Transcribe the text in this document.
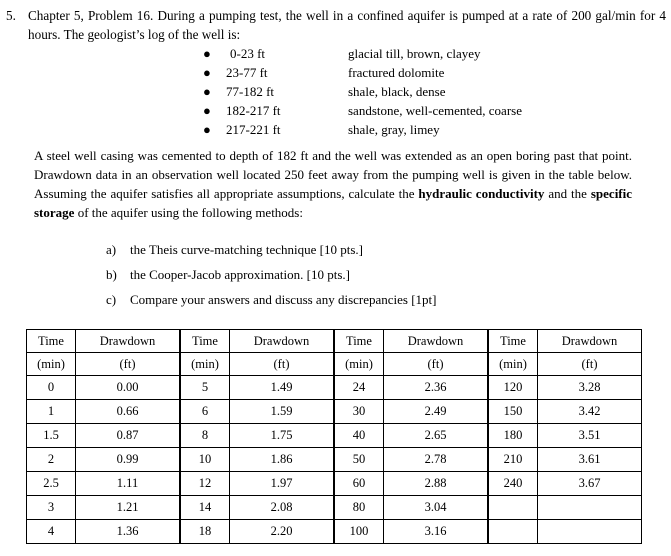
5. Chapter 5, Problem 16. During a pumping test, the well in a confined aquifer is pumped at a rate of 200 gal/min for 4 hours. The geologist’s log of the well is:
● 0-23 ft	glacial till, brown, clayey
● 23-77 ft	fractured dolomite
● 77-182 ft	shale, black, dense
● 182-217 ft	sandstone, well-cemented, coarse
● 217-221 ft	shale, gray, limey
A steel well casing was cemented to depth of 182 ft and the well was extended as an open boring past that point. Drawdown data in an observation well located 250 feet away from the pumping well is given in the table below. Assuming the aquifer satisfies all appropriate assumptions, calculate the hydraulic conductivity and the specific storage of the aquifer using the following methods:
a) the Theis curve-matching technique [10 pts.]
b) the Cooper-Jacob approximation. [10 pts.]
c) Compare your answers and discuss any discrepancies [1pt]
Time	Drawdown	Time	Drawdown	Time	Drawdown	Time	Drawdown
(min)	(ft)	(min)	(ft)	(min)	(ft)	(min)	(ft)
0	0.00	5	1.49	24	2.36	120	3.28
1	0.66	6	1.59	30	2.49	150	3.42
1.5	0.87	8	1.75	40	2.65	180	3.51
2	0.99	10	1.86	50	2.78	210	3.61
2.5	1.11	12	1.97	60	2.88	240	3.67
3	1.21	14	2.08	80	3.04		
4	1.36	18	2.20	100	3.16		
